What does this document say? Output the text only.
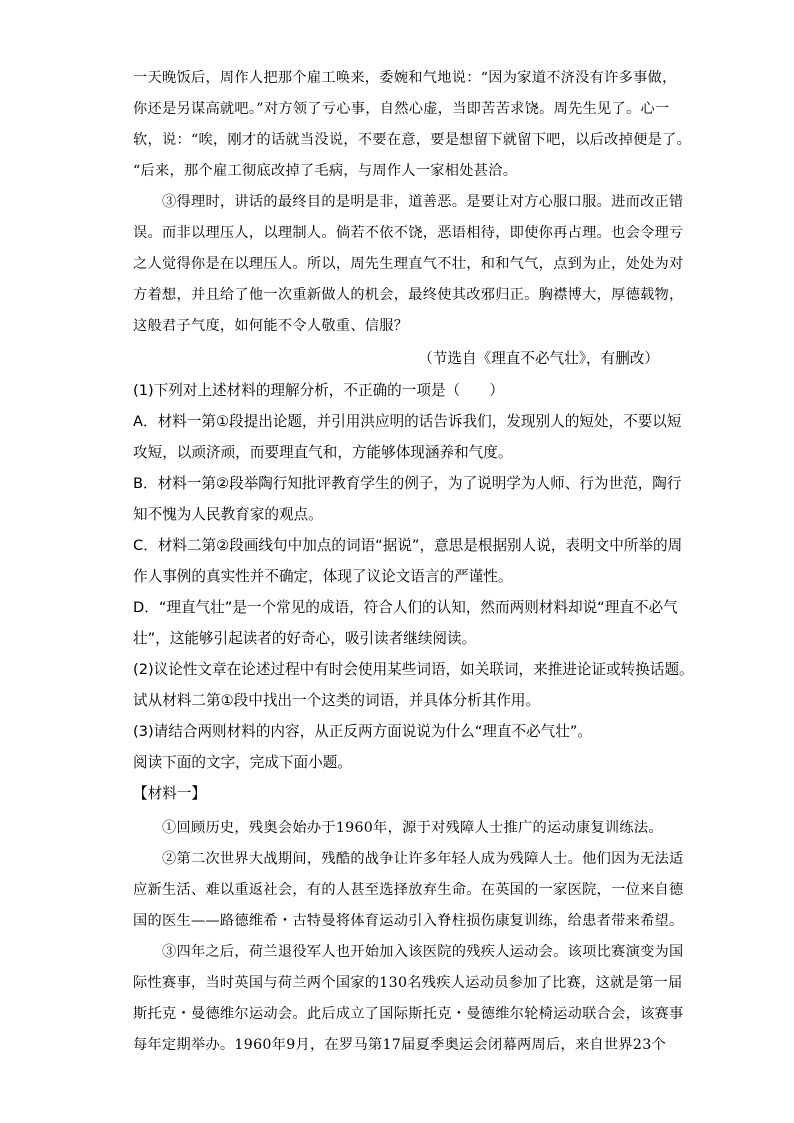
一天晚饭后，周作人把那个雇工唤来，委婉和气地说：“因为家道不济没有许多事做，
你还是另谋高就吧。”对方领了亏心事，自然心虚，当即苦苦求饶。周先生见了。心一
软，说：“唉，刚才的话就当没说，不要在意，要是想留下就留下吧，以后改掉便是了。
“后来，那个雇工彻底改掉了毛病，与周作人一家相处甚洽。
　　③得理时，讲话的最终目的是明是非，道善恶。是要让对方心服口服。进而改正错
误。而非以理压人，以理制人。倘若不依不饶，恶语相待，即使你再占理。也会令理亏
之人觉得你是在以理压人。所以，周先生理直气不壮，和和气气，点到为止，处处为对
方着想，并且给了他一次重新做人的机会，最终使其改邪归正。胸襟博大，厚德载物，
这般君子气度，如何能不令人敬重、信服？
（节选自《理直不必气壮》，有删改）
(1)下列对上述材料的理解分析，不正确的一项是（　　）
A．材料一第①段提出论题，并引用洪应明的话告诉我们，发现别人的短处，不要以短
攻短，以顽济顽，而要理直气和，方能够体现涵养和气度。
B．材料一第②段举陶行知批评教育学生的例子，为了说明学为人师、行为世范，陶行
知不愧为人民教育家的观点。
C．材料二第②段画线句中加点的词语“据说”，意思是根据别人说，表明文中所举的周
作人事例的真实性并不确定，体现了议论文语言的严谨性。
D．“理直气壮”是一个常见的成语，符合人们的认知，然而两则材料却说“理直不必气
壮”，这能够引起读者的好奇心，吸引读者继续阅读。
(2)议论性文章在论述过程中有时会使用某些词语，如关联词，来推进论证或转换话题。
试从材料二第①段中找出一个这类的词语，并具体分析其作用。
(3)请结合两则材料的内容，从正反两方面说说为什么“理直不必气壮”。
阅读下面的文字，完成下面小题。
【材料一】
　　①回顾历史，残奥会始办于1960年，源于对残障人士推广的运动康复训练法。
　　②第二次世界大战期间，残酷的战争让许多年轻人成为残障人士。他们因为无法适
应新生活、难以重返社会，有的人甚至选择放弃生命。在英国的一家医院，一位来自德
国的医生——路德维希・古特曼将体育运动引入脊柱损伤康复训练，给患者带来希望。
　　③四年之后，荷兰退役军人也开始加入该医院的残疾人运动会。该项比赛演变为国
际性赛事，当时英国与荷兰两个国家的130名残疾人运动员参加了比赛，这就是第一届
斯托克・曼德维尔运动会。此后成立了国际斯托克・曼德维尔轮椅运动联合会，该赛事
每年定期举办。1960年9月，在罗马第17届夏季奥运会闭幕两周后，来自世界23个
